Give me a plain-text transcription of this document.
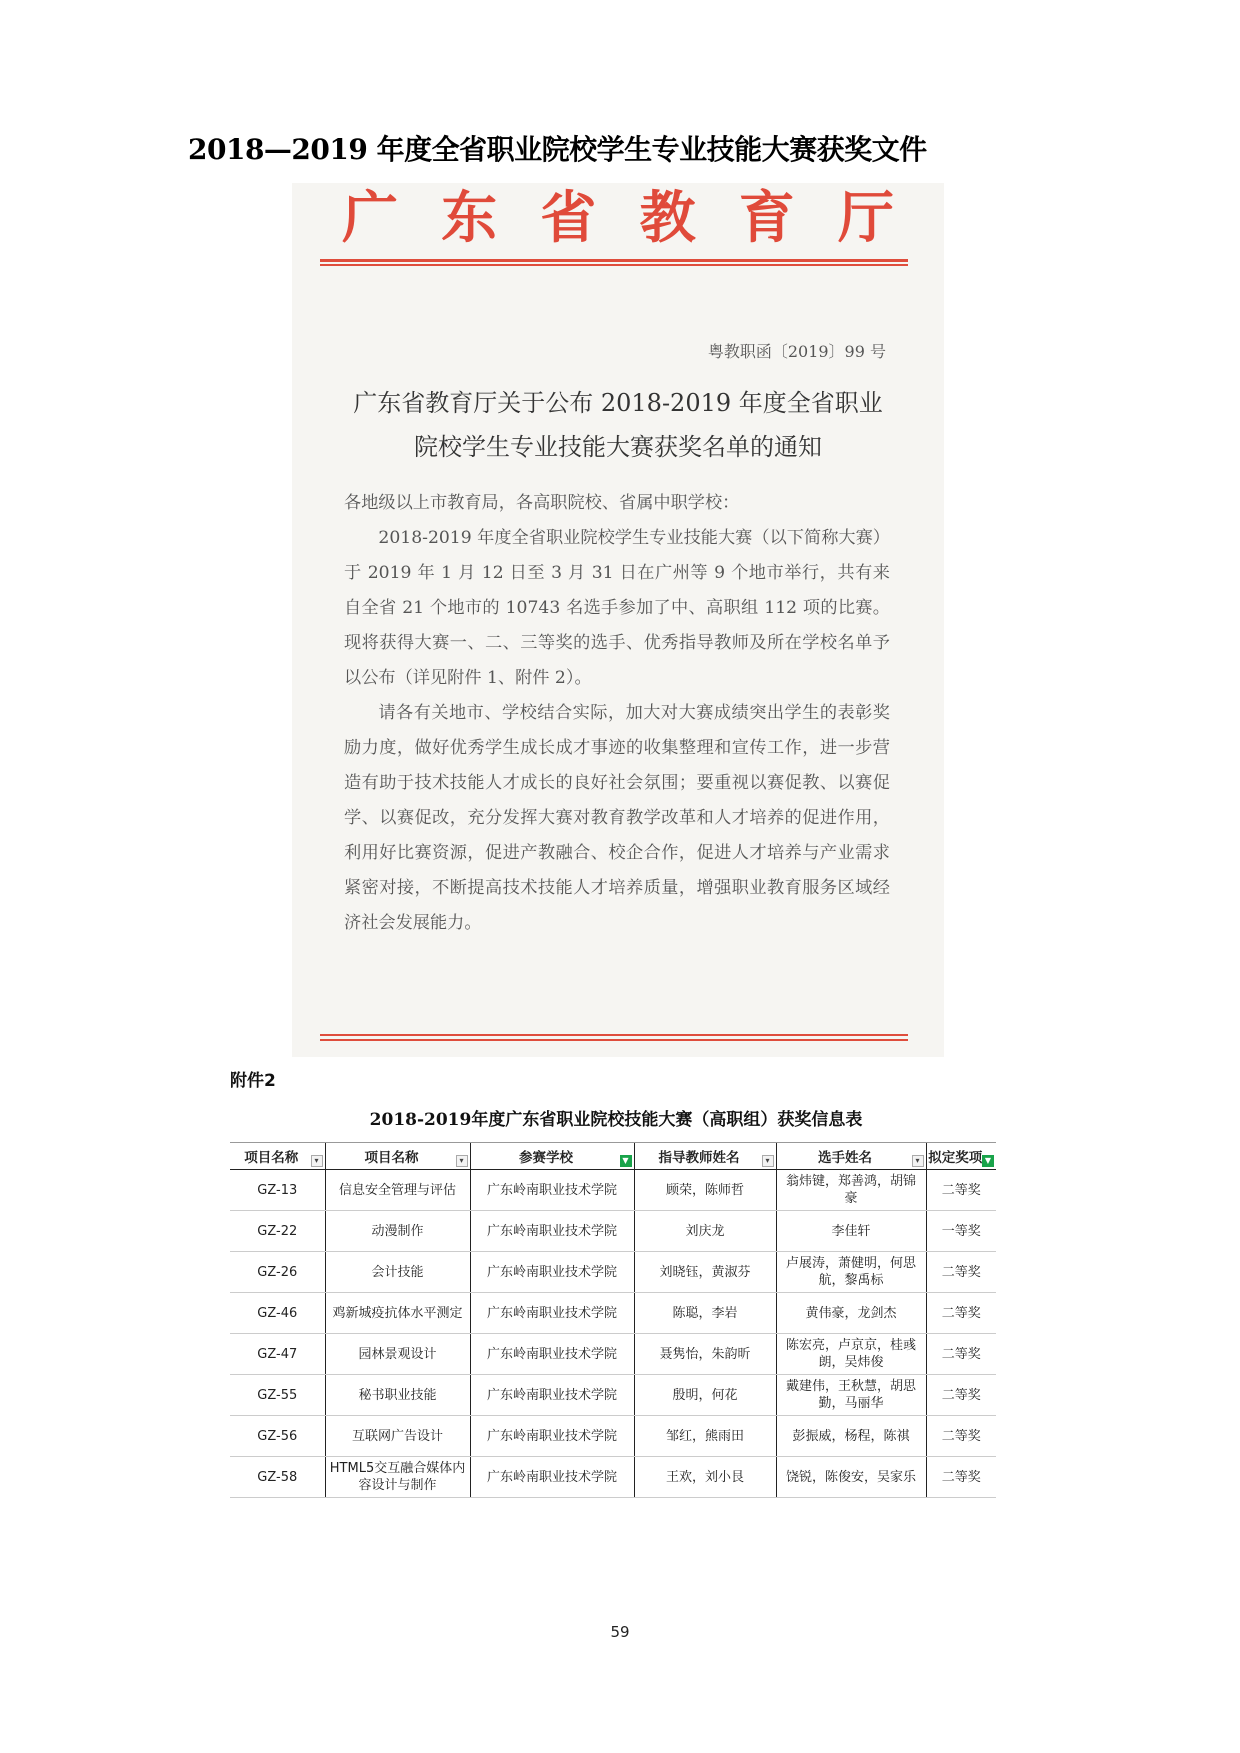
2018—2019 年度全省职业院校学生专业技能大赛获奖文件
广 东 省 教 育 厅
粤教职函〔2019〕99 号
广东省教育厅关于公布 2018-2019 年度全省职业
院校学生专业技能大赛获奖名单的通知

各地级以上市教育局，各高职院校、省属中职学校：

2018-2019 年度全省职业院校学生专业技能大赛（以下简称大赛）于 2019 年 1 月 12 日至 3 月 31 日在广州等 9 个地市举行，共有来自全省 21 个地市的 10743 名选手参加了中、高职组 112 项的比赛。现将获得大赛一、二、三等奖的选手、优秀指导教师及所在学校名单予以公布（详见附件 1、附件 2）。

请各有关地市、学校结合实际，加大对大赛成绩突出学生的表彰奖励力度，做好优秀学生成长成才事迹的收集整理和宣传工作，进一步营造有助于技术技能人才成长的良好社会氛围；要重视以赛促教、以赛促学、以赛促改，充分发挥大赛对教育教学改革和人才培养的促进作用，利用好比赛资源，促进产教融合、校企合作，促进人才培养与产业需求紧密对接，不断提高技术技能人才培养质量，增强职业教育服务区域经济社会发展能力。

附件2
2018-2019年度广东省职业院校技能大赛（高职组）获奖信息表
项目名称 ▾	项目名称 ▾	参赛学校 ▼	指导教师姓名 ▾	选手姓名 ▾	拟定奖项 ▼

GZ-13	信息安全管理与评估	广东岭南职业技术学院	顾荣，陈师哲	翁炜键，郑善鸿，胡锦豪	二等奖
GZ-22	动漫制作	广东岭南职业技术学院	刘庆龙	李佳轩	一等奖
GZ-26	会计技能	广东岭南职业技术学院	刘晓钰，黄淑芬	卢展涛，萧健明，何思航，黎禹标	二等奖
GZ-46	鸡新城疫抗体水平测定	广东岭南职业技术学院	陈聪，李岩	黄伟豪，龙剑杰	二等奖
GZ-47	园林景观设计	广东岭南职业技术学院	聂隽怡，朱韵昕	陈宏亮，卢京京，桂彧朗，吴炜俊	二等奖
GZ-55	秘书职业技能	广东岭南职业技术学院	殷明，何花	戴建伟，王秋慧，胡思勤，马丽华	二等奖
GZ-56	互联网广告设计	广东岭南职业技术学院	邹红，熊雨田	彭振威，杨程，陈祺	二等奖
GZ-58	HTML5交互融合媒体内容设计与制作	广东岭南职业技术学院	王欢，刘小艮	饶锐，陈俊安，吴家乐	二等奖
59
